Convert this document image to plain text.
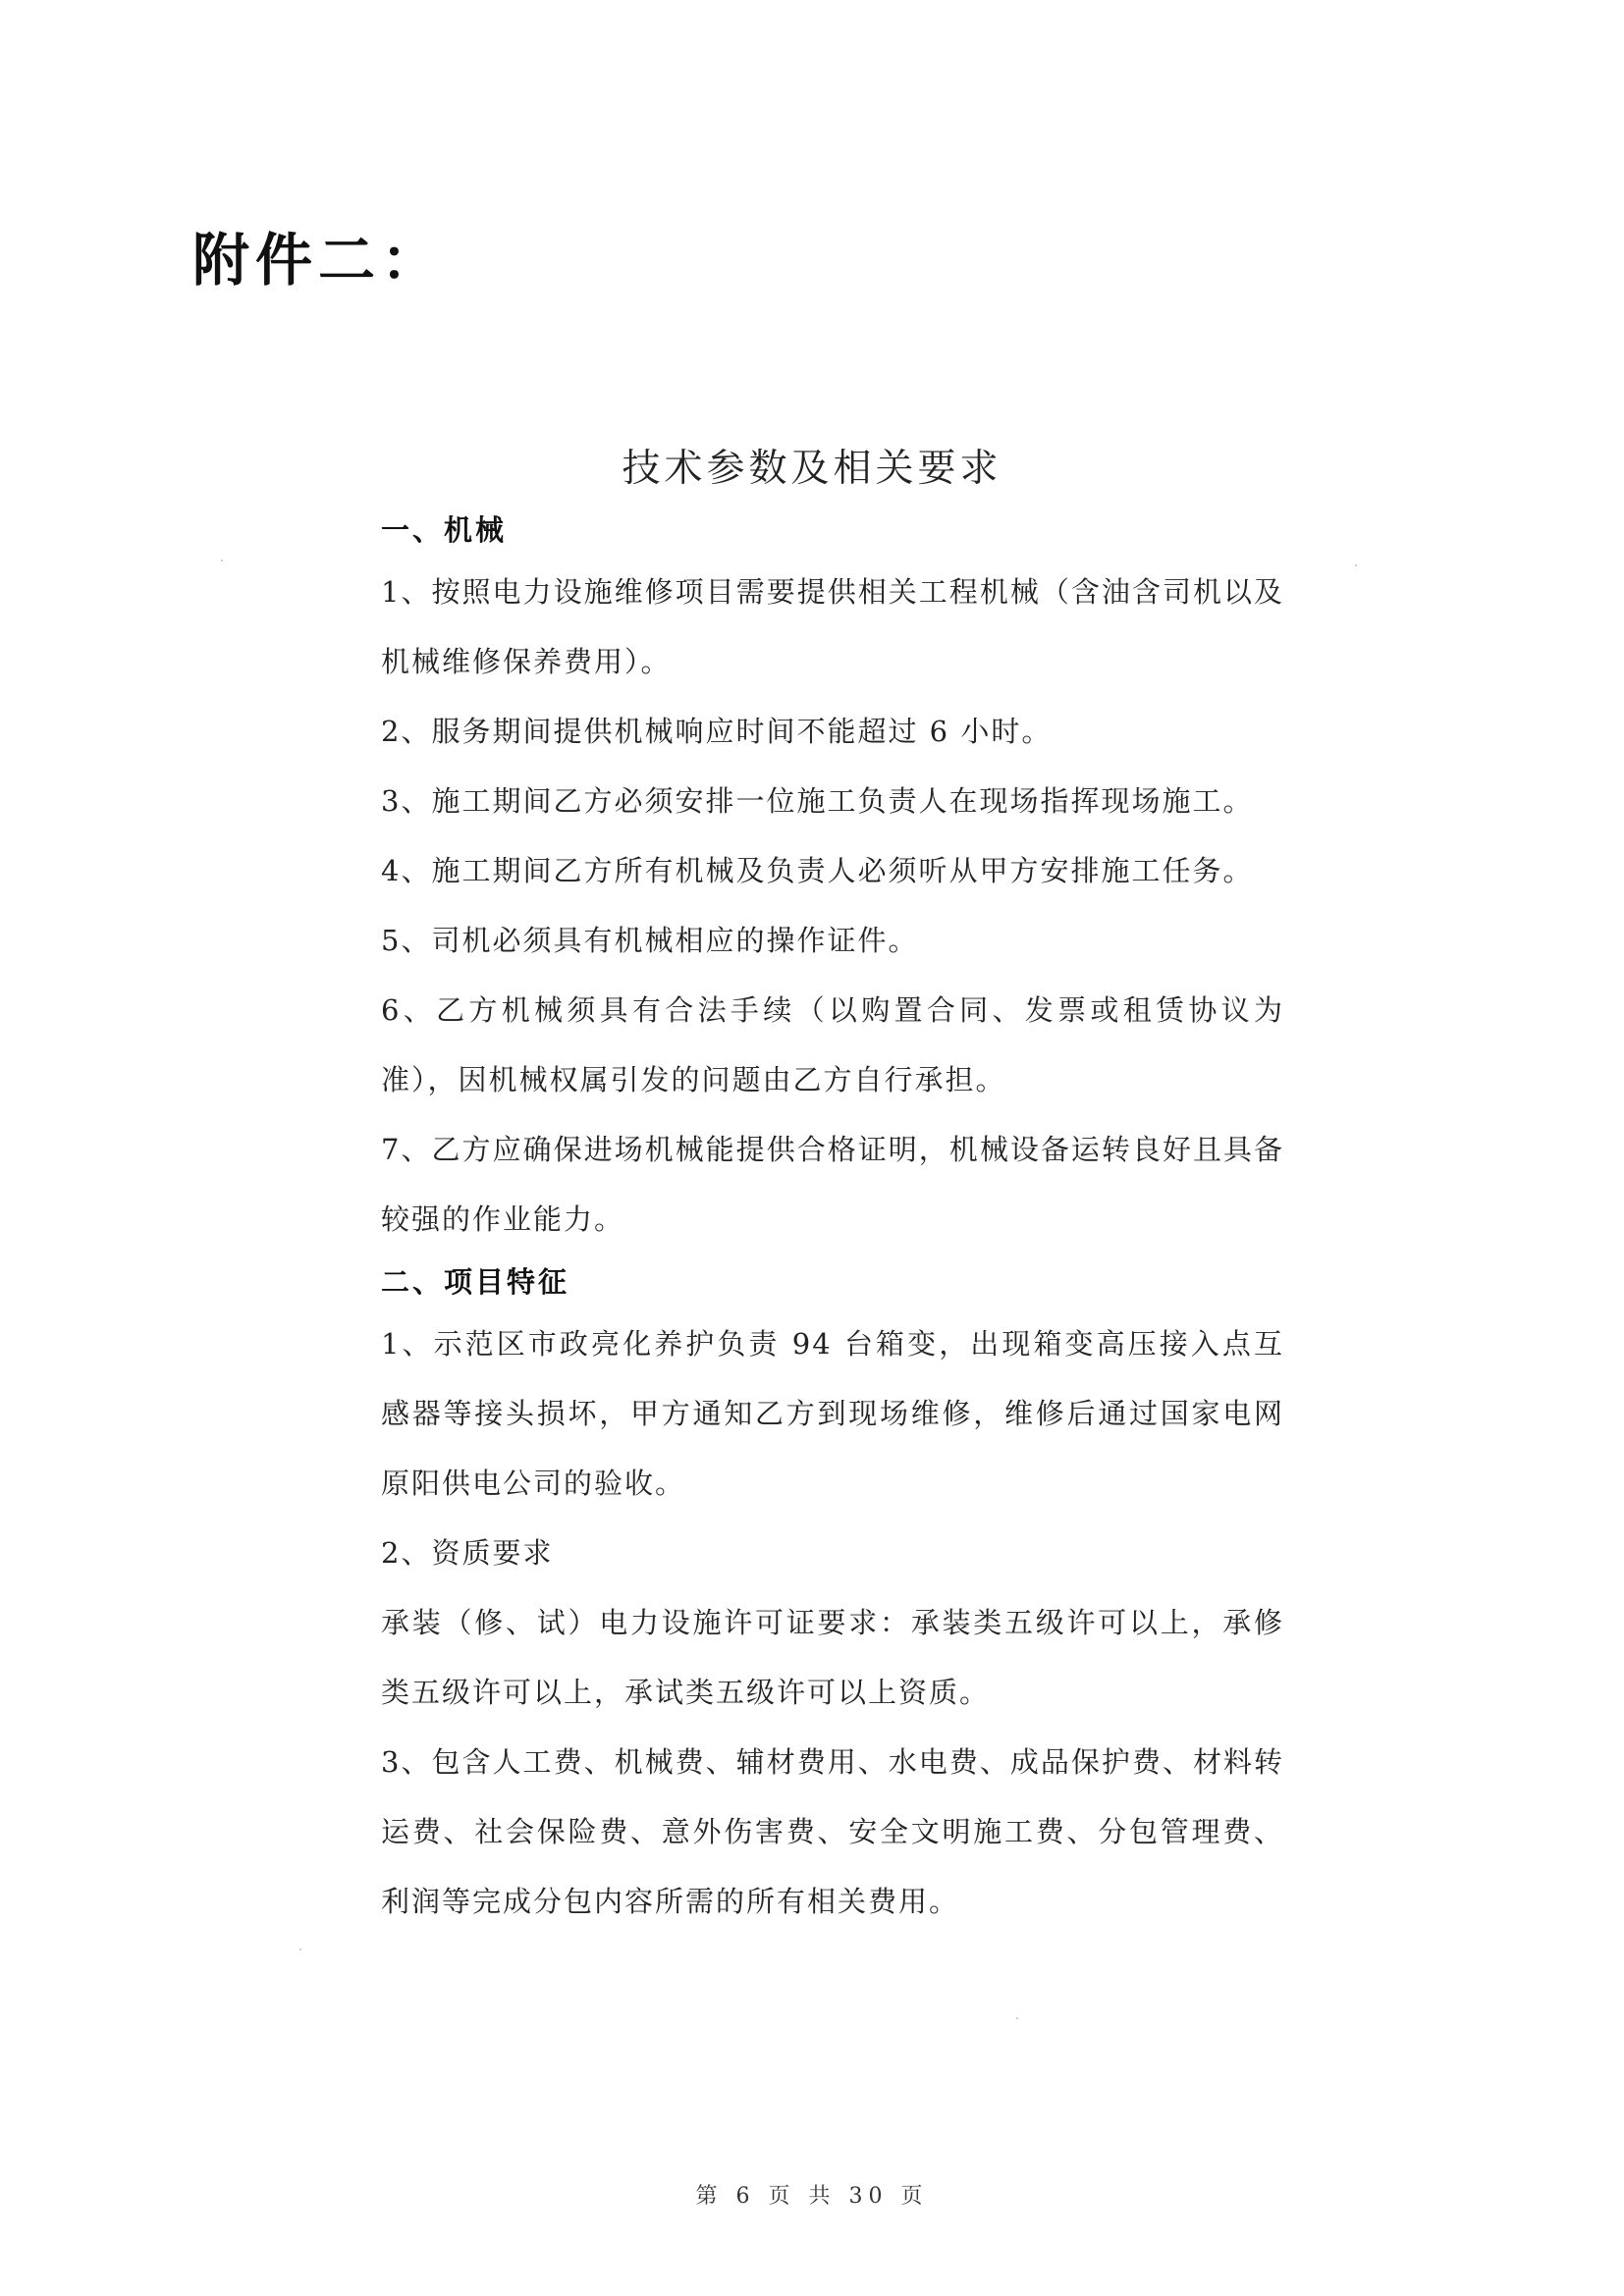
附件二：
技术参数及相关要求
一、机械

1、按照电力设施维修项目需要提供相关工程机械（含油含司机以及机械维修保养费用）。

2、服务期间提供机械响应时间不能超过 6 小时。

3、施工期间乙方必须安排一位施工负责人在现场指挥现场施工。

4、施工期间乙方所有机械及负责人必须听从甲方安排施工任务。

5、司机必须具有机械相应的操作证件。

6、乙方机械须具有合法手续（以购置合同、发票或租赁协议为准），因机械权属引发的问题由乙方自行承担。

7、乙方应确保进场机械能提供合格证明，机械设备运转良好且具备较强的作业能力。

二、项目特征

1、示范区市政亮化养护负责 94 台箱变，出现箱变高压接入点互感器等接头损坏，甲方通知乙方到现场维修，维修后通过国家电网原阳供电公司的验收。

2、资质要求

承装（修、试）电力设施许可证要求：承装类五级许可以上，承修类五级许可以上，承试类五级许可以上资质。

3、包含人工费、机械费、辅材费用、水电费、成品保护费、材料转运费、社会保险费、意外伤害费、安全文明施工费、分包管理费、利润等完成分包内容所需的所有相关费用。

第 6 页 共 30 页
